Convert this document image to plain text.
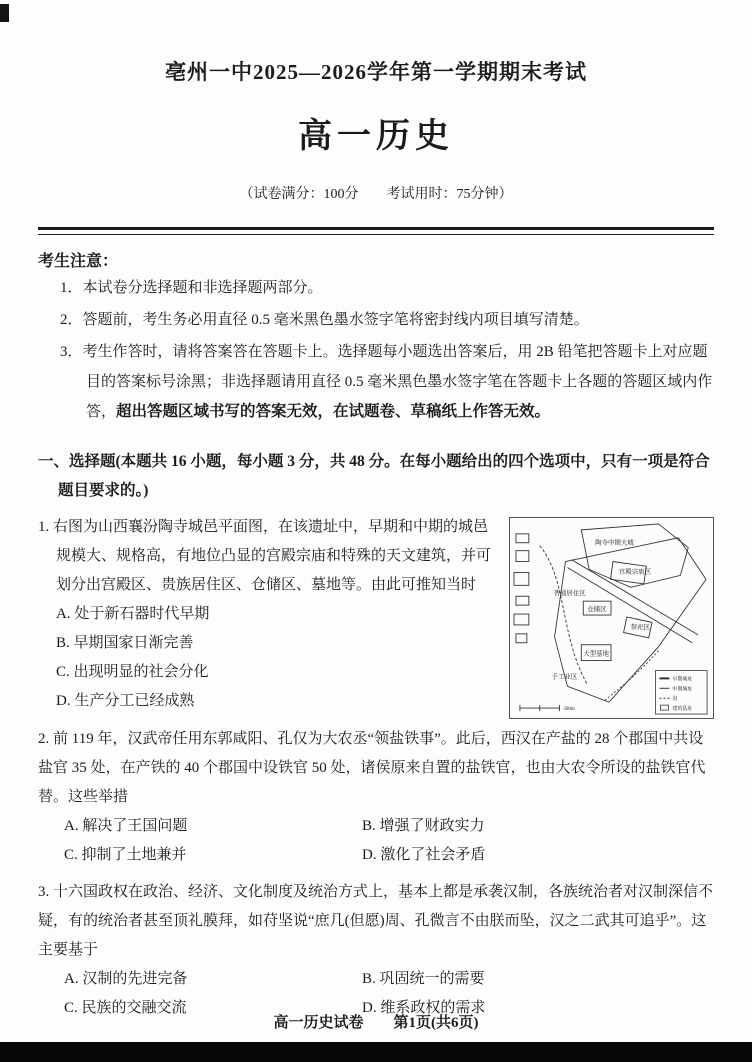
亳州一中2025—2026学年第一学期期末考试
高一历史
（试卷满分：100分　　考试用时：75分钟）
考生注意：
1．本试卷分选择题和非选择题两部分。
2．答题前，考生务必用直径 0.5 毫米黑色墨水签字笔将密封线内项目填写清楚。
3．考生作答时，请将答案答在答题卡上。选择题每小题选出答案后，用 2B 铅笔把答题卡上对应题目的答案标号涂黑；非选择题请用直径 0.5 毫米黑色墨水签字笔在答题卡上各题的答题区域内作答，超出答题区域书写的答案无效，在试题卷、草稿纸上作答无效。
一、选择题(本题共 16 小题，每小题 3 分，共 48 分。在每小题给出的四个选项中，只有一项是符合题目要求的。)
陶寺中期大城
宫殿宗庙区
普通居住区
仓储区
祭祀区
大型墓地
手工业区
500m
早期城址
中期城址
沟
建筑基址
1. 右图为山西襄汾陶寺城邑平面图，在该遗址中，早期和中期的城邑规模大、规格高，有地位凸显的宫殿宗庙和特殊的天文建筑，并可划分出宫殿区、贵族居住区、仓储区、墓地等。由此可推知当时
A. 处于新石器时代早期
B. 早期国家日渐完善
C. 出现明显的社会分化
D. 生产分工已经成熟
2. 前 119 年，汉武帝任用东郭咸阳、孔仅为大农丞“领盐铁事”。此后，西汉在产盐的 28 个郡国中共设盐官 35 处，在产铁的 40 个郡国中设铁官 50 处，诸侯原来自置的盐铁官，也由大农令所设的盐铁官代替。这些举措
A. 解决了王国问题	B. 增强了财政实力
C. 抑制了土地兼并	D. 激化了社会矛盾
3. 十六国政权在政治、经济、文化制度及统治方式上，基本上都是承袭汉制，各族统治者对汉制深信不疑，有的统治者甚至顶礼膜拜，如苻坚说“庶几(但愿)周、孔微言不由朕而坠，汉之二武其可追乎”。这主要基于
A. 汉制的先进完备	B. 巩固统一的需要
C. 民族的交融交流	D. 维系政权的需求
高一历史试卷　　第1页(共6页)
